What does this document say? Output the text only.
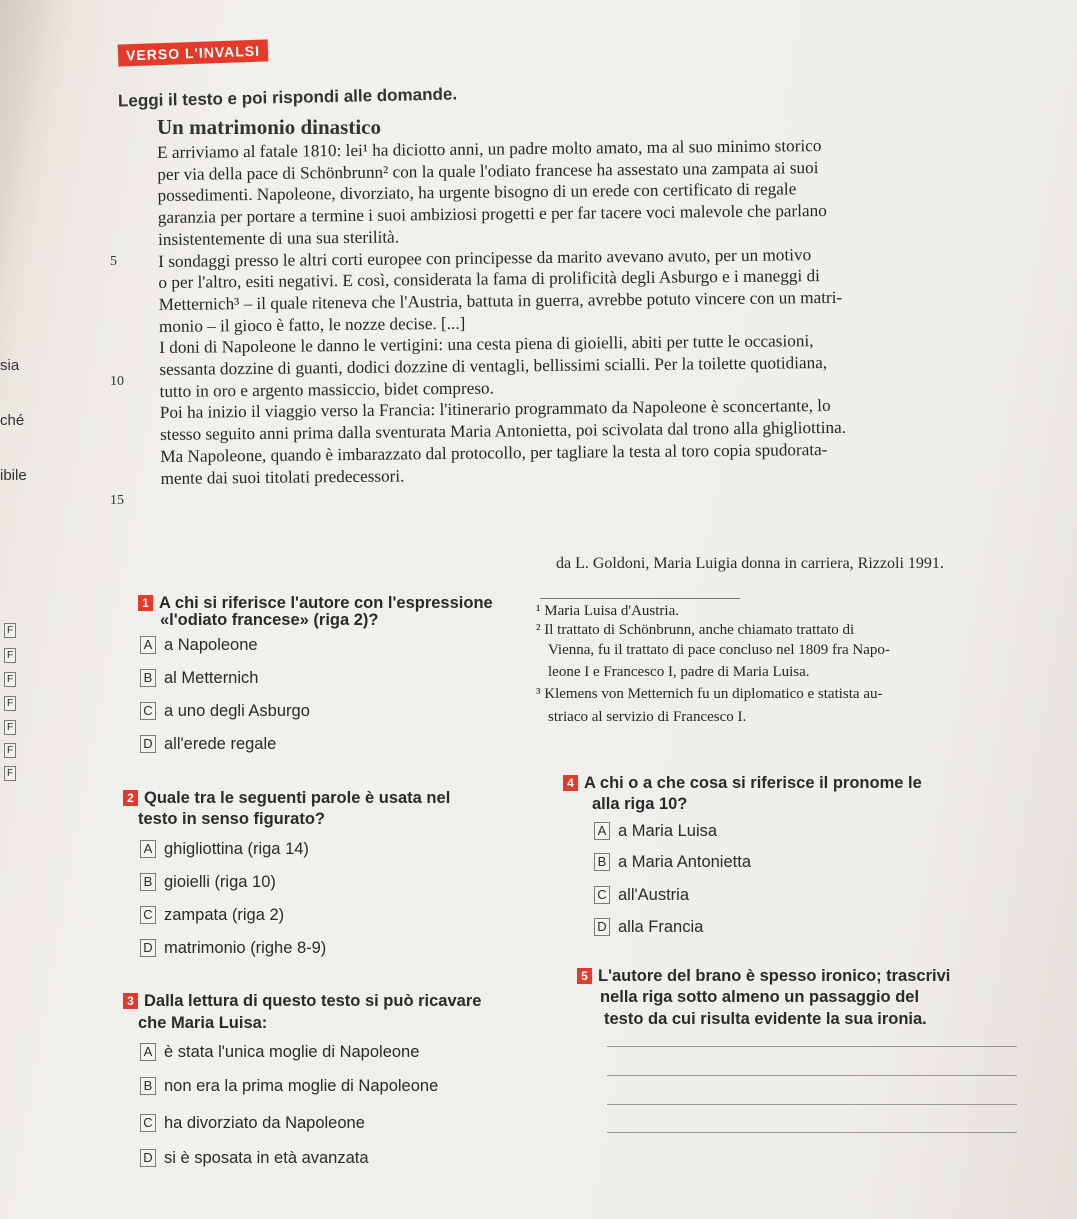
VERSO L'INVALSI
Leggi il testo e poi rispondi alle domande.
Un matrimonio dinastico
E arriviamo al fatale 1810: lei¹ ha diciotto anni, un padre molto amato, ma al suo minimo storico
per via della pace di Schönbrunn² con la quale l'odiato francese ha assestato una zampata ai suoi
possedimenti. Napoleone, divorziato, ha urgente bisogno di un erede con certificato di regale
garanzia per portare a termine i suoi ambiziosi progetti e per far tacere voci malevole che parlano
insistentemente di una sua sterilità.
I sondaggi presso le altri corti europee con principesse da marito avevano avuto, per un motivo
o per l'altro, esiti negativi. E così, considerata la fama di prolificità degli Asburgo e i maneggi di
Metternich³ – il quale riteneva che l'Austria, battuta in guerra, avrebbe potuto vincere con un matri-
monio – il gioco è fatto, le nozze decise. [...]
I doni di Napoleone le danno le vertigini: una cesta piena di gioielli, abiti per tutte le occasioni,
sessanta dozzine di guanti, dodici dozzine di ventagli, bellissimi scialli. Per la toilette quotidiana,
tutto in oro e argento massiccio, bidet compreso.
Poi ha inizio il viaggio verso la Francia: l'itinerario programmato da Napoleone è sconcertante, lo
stesso seguito anni prima dalla sventurata Maria Antonietta, poi scivolata dal trono alla ghigliottina.
Ma Napoleone, quando è imbarazzato dal protocollo, per tagliare la testa al toro copia spudorata-
mente dai suoi titolati predecessori.
5
10
15
da L. Goldoni, Maria Luigia donna in carriera, Rizzoli 1991.
sia
ché
ibile
F
F
F
F
F
F
F
¹ Maria Luisa d'Austria.
² Il trattato di Schönbrunn, anche chiamato trattato di
Vienna, fu il trattato di pace concluso nel 1809 fra Napo-
leone I e Francesco I, padre di Maria Luisa.
³ Klemens von Metternich fu un diplomatico e statista au-
striaco al servizio di Francesco I.
1 A chi si riferisce l'autore con l'espressione
«l'odiato francese» (riga 2)?
A a Napoleone
B al Metternich
C a uno degli Asburgo
D all'erede regale
2 Quale tra le seguenti parole è usata nel
testo in senso figurato?
A ghigliottina (riga 14)
B gioielli (riga 10)
C zampata (riga 2)
D matrimonio (righe 8-9)
3 Dalla lettura di questo testo si può ricavare
che Maria Luisa:
A è stata l'unica moglie di Napoleone
B non era la prima moglie di Napoleone
C ha divorziato da Napoleone
D si è sposata in età avanzata
4 A chi o a che cosa si riferisce il pronome le
alla riga 10?
A a Maria Luisa
B a Maria Antonietta
C all'Austria
D alla Francia
5 L'autore del brano è spesso ironico; trascrivi
nella riga sotto almeno un passaggio del
testo da cui risulta evidente la sua ironia.
